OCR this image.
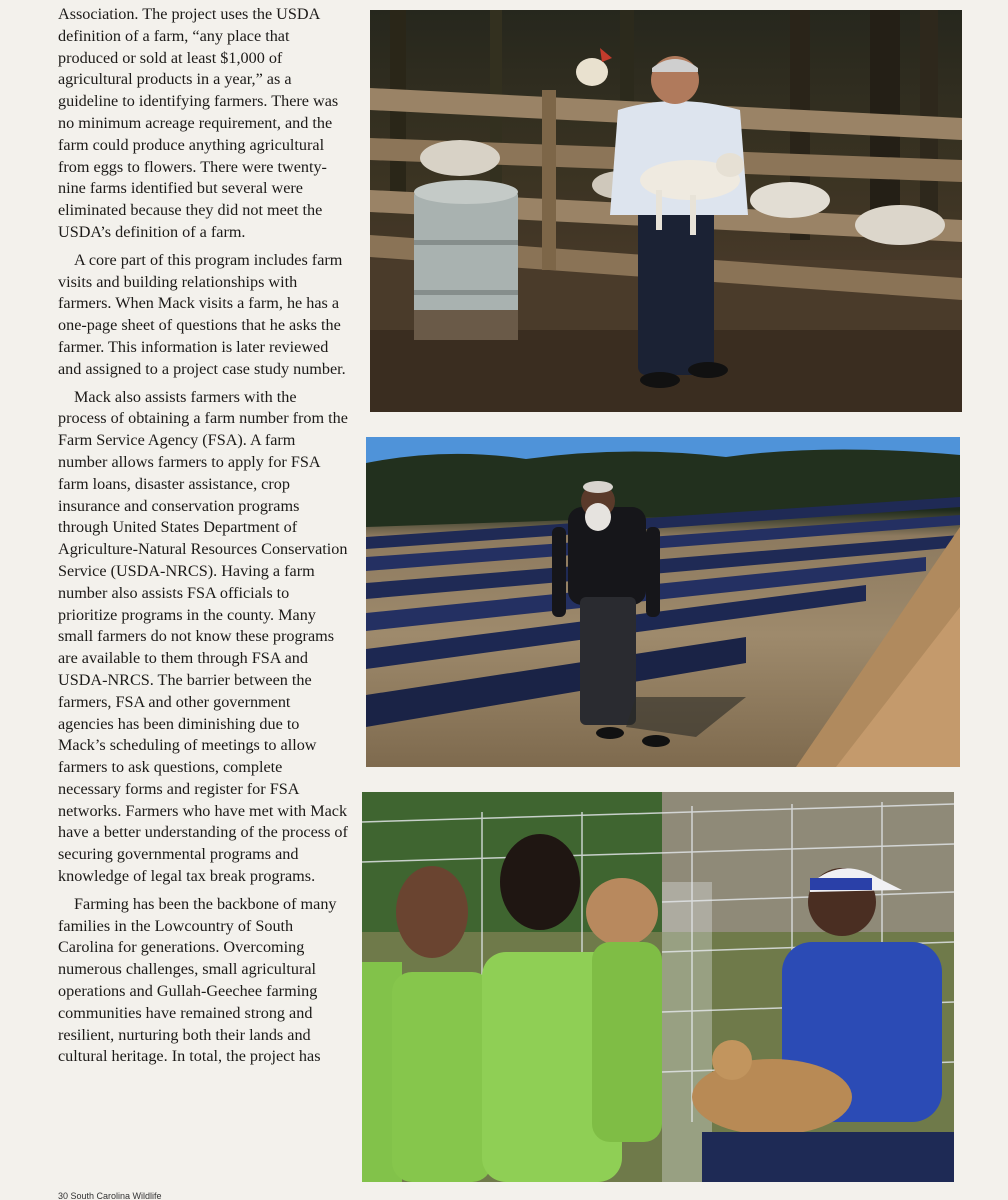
Association. The project uses the USDA definition of a farm, “any place that produced or sold at least $1,000 of agricultural products in a year,” as a guideline to identifying farmers. There was no minimum acreage requirement, and the farm could produce anything agricultural from eggs to flowers. There were twenty-nine farms identified but several were eliminated because they did not meet the USDA’s definition of a farm.

A core part of this program includes farm visits and building relationships with farmers. When Mack visits a farm, he has a one-page sheet of questions that he asks the farmer. This information is later reviewed and assigned to a project case study number.

Mack also assists farmers with the process of obtaining a farm number from the Farm Service Agency (FSA). A farm number allows farmers to apply for FSA farm loans, disaster assistance, crop insurance and conservation programs through United States Department of Agriculture-Natural Resources Conservation Service (USDA-NRCS). Having a farm number also assists FSA officials to prioritize programs in the county. Many small farmers do not know these programs are available to them through FSA and USDA-NRCS. The barrier between the farmers, FSA and other government agencies has been diminishing due to Mack’s scheduling of meetings to allow farmers to ask questions, complete necessary forms and register for FSA networks. Farmers who have met with Mack have a better understanding of the process of securing governmental programs and knowledge of legal tax break programs.

Farming has been the backbone of many families in the Lowcountry of South Carolina for generations. Overcoming numerous challenges, small agricultural operations and Gullah-Geechee farming communities have remained strong and resilient, nurturing both their lands and cultural heritage. In total, the project has

30 South Carolina Wildlife
